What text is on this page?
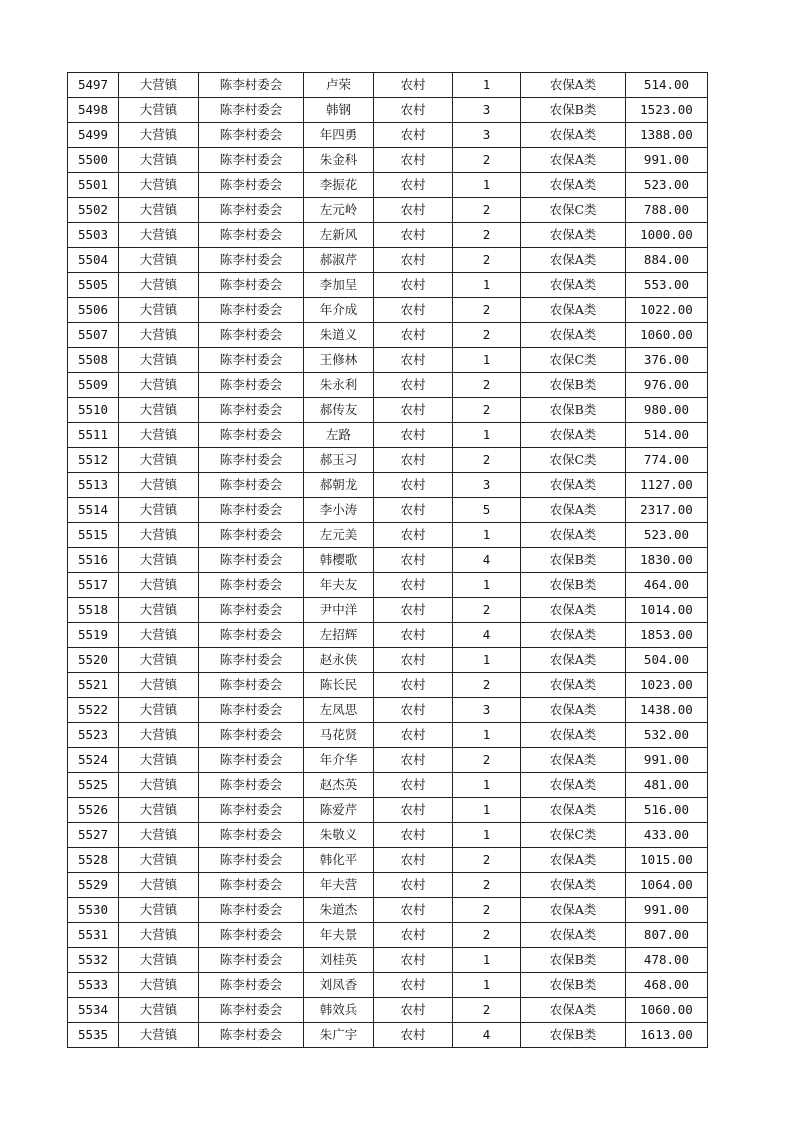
5497	大营镇	陈李村委会	卢荣	农村	1	农保A类	514.00
5498	大营镇	陈李村委会	韩钢	农村	3	农保B类	1523.00
5499	大营镇	陈李村委会	年四勇	农村	3	农保A类	1388.00
5500	大营镇	陈李村委会	朱金科	农村	2	农保A类	991.00
5501	大营镇	陈李村委会	李振花	农村	1	农保A类	523.00
5502	大营镇	陈李村委会	左元岭	农村	2	农保C类	788.00
5503	大营镇	陈李村委会	左新风	农村	2	农保A类	1000.00
5504	大营镇	陈李村委会	郝淑芹	农村	2	农保A类	884.00
5505	大营镇	陈李村委会	李加呈	农村	1	农保A类	553.00
5506	大营镇	陈李村委会	年介成	农村	2	农保A类	1022.00
5507	大营镇	陈李村委会	朱道义	农村	2	农保A类	1060.00
5508	大营镇	陈李村委会	王修林	农村	1	农保C类	376.00
5509	大营镇	陈李村委会	朱永利	农村	2	农保B类	976.00
5510	大营镇	陈李村委会	郝传友	农村	2	农保B类	980.00
5511	大营镇	陈李村委会	左路	农村	1	农保A类	514.00
5512	大营镇	陈李村委会	郝玉习	农村	2	农保C类	774.00
5513	大营镇	陈李村委会	郝朝龙	农村	3	农保A类	1127.00
5514	大营镇	陈李村委会	李小涛	农村	5	农保A类	2317.00
5515	大营镇	陈李村委会	左元美	农村	1	农保A类	523.00
5516	大营镇	陈李村委会	韩樱歌	农村	4	农保B类	1830.00
5517	大营镇	陈李村委会	年夫友	农村	1	农保B类	464.00
5518	大营镇	陈李村委会	尹中洋	农村	2	农保A类	1014.00
5519	大营镇	陈李村委会	左招辉	农村	4	农保A类	1853.00
5520	大营镇	陈李村委会	赵永侠	农村	1	农保A类	504.00
5521	大营镇	陈李村委会	陈长民	农村	2	农保A类	1023.00
5522	大营镇	陈李村委会	左凤思	农村	3	农保A类	1438.00
5523	大营镇	陈李村委会	马花贤	农村	1	农保A类	532.00
5524	大营镇	陈李村委会	年介华	农村	2	农保A类	991.00
5525	大营镇	陈李村委会	赵杰英	农村	1	农保A类	481.00
5526	大营镇	陈李村委会	陈爱芹	农村	1	农保A类	516.00
5527	大营镇	陈李村委会	朱敬义	农村	1	农保C类	433.00
5528	大营镇	陈李村委会	韩化平	农村	2	农保A类	1015.00
5529	大营镇	陈李村委会	年夫营	农村	2	农保A类	1064.00
5530	大营镇	陈李村委会	朱道杰	农村	2	农保A类	991.00
5531	大营镇	陈李村委会	年夫景	农村	2	农保A类	807.00
5532	大营镇	陈李村委会	刘桂英	农村	1	农保B类	478.00
5533	大营镇	陈李村委会	刘凤香	农村	1	农保B类	468.00
5534	大营镇	陈李村委会	韩效兵	农村	2	农保A类	1060.00
5535	大营镇	陈李村委会	朱广宇	农村	4	农保B类	1613.00
